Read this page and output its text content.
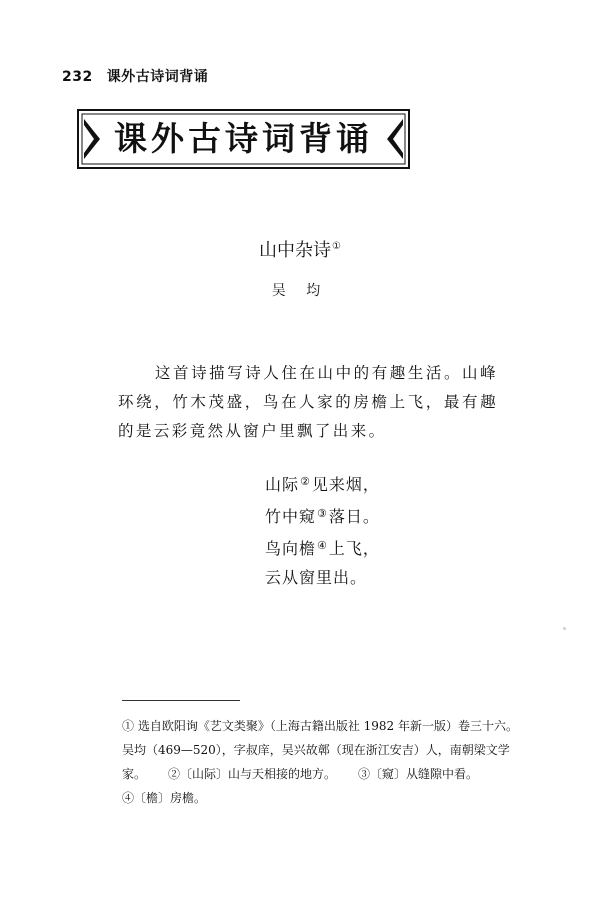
232 课外古诗词背诵
课外古诗词背诵
山中杂诗①
吴 均

这首诗描写诗人住在山中的有趣生活。山峰环绕，竹木茂盛，鸟在人家的房檐上飞，最有趣的是云彩竟然从窗户里飘了出来。

山际②见来烟，
竹中窥③落日。
鸟向檐④上飞，
云从窗里出。
① 选自欧阳询《艺文类聚》（上海古籍出版社 1982 年新一版）卷三十六。
吴均（469—520），字叔庠，吴兴故鄣（现在浙江安吉）人，南朝梁文学
家。 ②〔山际〕山与天相接的地方。 ③〔窥〕从缝隙中看。
④〔檐〕房檐。
